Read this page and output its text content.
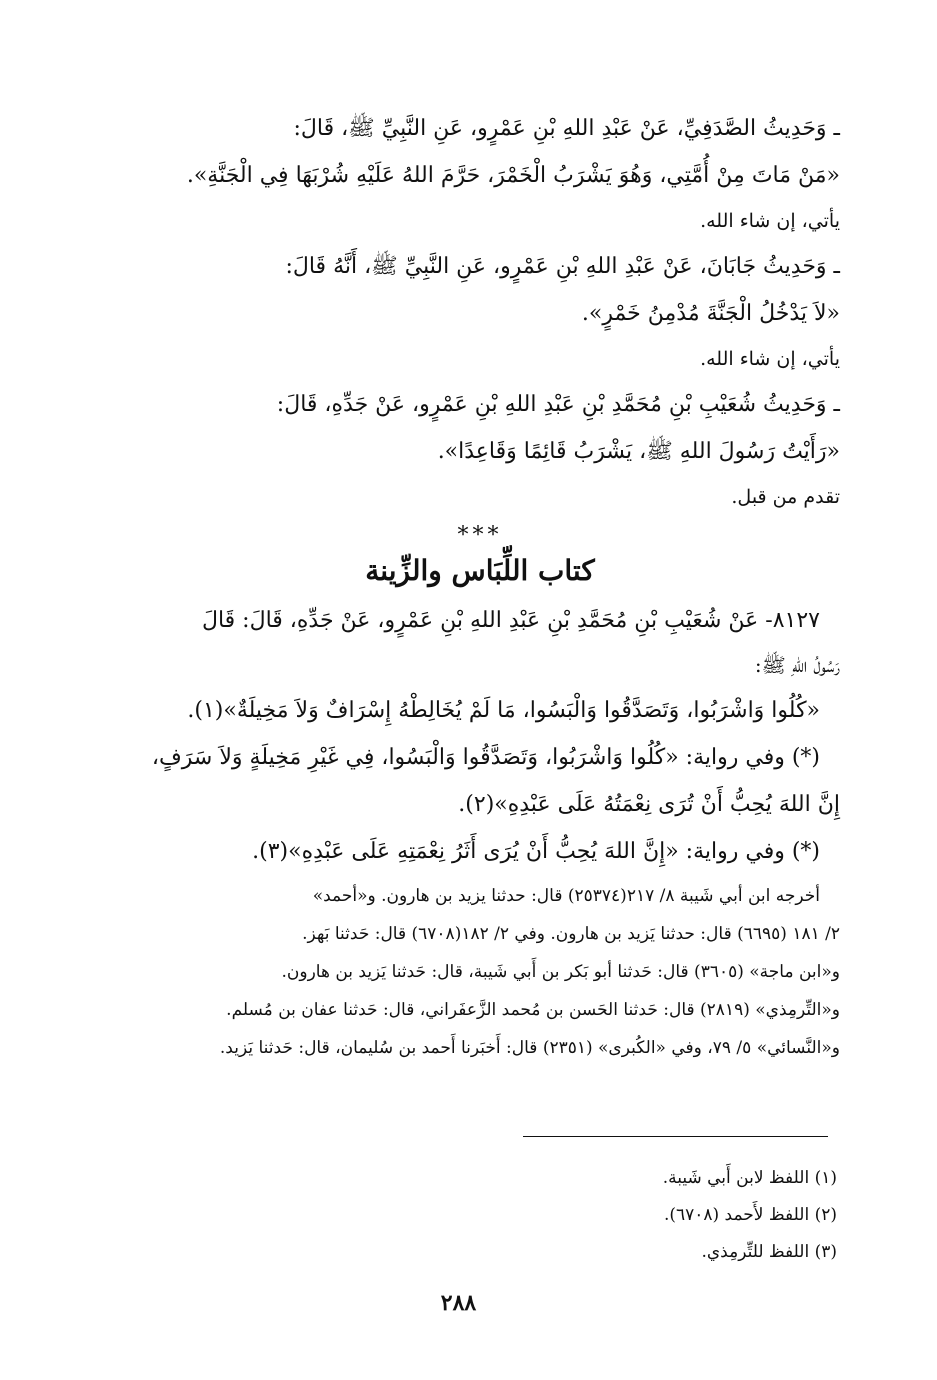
ـ وَحَدِيثُ الصَّدَفِيِّ، عَنْ عَبْدِ اللهِ بْنِ عَمْرٍو، عَنِ النَّبِيِّ ﷺ، قَالَ:

«مَنْ مَاتَ مِنْ أُمَّتِي، وَهُوَ يَشْرَبُ الْخَمْرَ، حَرَّمَ اللهُ عَلَيْهِ شُرْبَهَا فِي الْجَنَّةِ».

يأتي، إن شاء الله.

ـ وَحَدِيثُ جَابَانَ، عَنْ عَبْدِ اللهِ بْنِ عَمْرٍو، عَنِ النَّبِيِّ ﷺ، أَنَّهُ قَالَ:

«لاَ يَدْخُلُ الْجَنَّةَ مُدْمِنُ خَمْرٍ».

يأتي، إن شاء الله.

ـ وَحَدِيثُ شُعَيْبِ بْنِ مُحَمَّدِ بْنِ عَبْدِ اللهِ بْنِ عَمْرٍو، عَنْ جَدِّهِ، قَالَ:

«رَأَيْتُ رَسُولَ اللهِ ﷺ، يَشْرَبُ قَائِمًا وَقَاعِدًا».

تقدم من قبل.

***
كتاب اللِّبَاس والزِّينة

٨١٢٧- عَنْ شُعَيْبِ بْنِ مُحَمَّدِ بْنِ عَبْدِ اللهِ بْنِ عَمْرٍو، عَنْ جَدِّهِ، قَالَ: قَالَ

رَسُولُ اللهِ ﷺ:

«كُلُوا وَاشْرَبُوا، وَتَصَدَّقُوا وَالْبَسُوا، مَا لَمْ يُخَالِطْهُ إِسْرَافٌ وَلاَ مَخِيلَةٌ»(١).

(*) وفي رواية: «كُلُوا وَاشْرَبُوا، وَتَصَدَّقُوا وَالْبَسُوا، فِي غَيْرِ مَخِيلَةٍ وَلاَ سَرَفٍ،

إِنَّ اللهَ يُحِبُّ أَنْ تُرَى نِعْمَتُهُ عَلَى عَبْدِهِ»(٢).

(*) وفي رواية: «إِنَّ اللهَ يُحِبُّ أَنْ يُرَى أَثَرُ نِعْمَتِهِ عَلَى عَبْدِهِ»(٣).

أخرجه ابن أبي شَيبة ٨/ ٢١٧(٢٥٣٧٤) قال: حدثنا يزيد بن هارون. و«أحمد»

٢/ ١٨١ (٦٦٩٥) قال: حدثنا يَزيد بن هارون. وفي ٢/ ١٨٢(٦٧٠٨) قال: حَدثنا بَهز.

و«ابن ماجة» (٣٦٠٥) قال: حَدثنا أبو بَكر بن أَبي شَيبة، قال: حَدثنا يَزيد بن هارون.

و«التِّرمِذي» (٢٨١٩) قال: حَدثنا الحَسن بن مُحمد الزَّعفَراني، قال: حَدثنا عفان بن مُسلم.

و«النَّسائي» ٥/ ٧٩، وفي «الكُبرى» (٢٣٥١) قال: أَخبَرنا أَحمد بن سُليمان، قال: حَدثنا يَزيد.

(١) اللفظ لابن أَبي شَيبة.

(٢) اللفظ لأَحمد (٦٧٠٨).

(٣) اللفظ للتِّرمِذي.

٢٨٨
